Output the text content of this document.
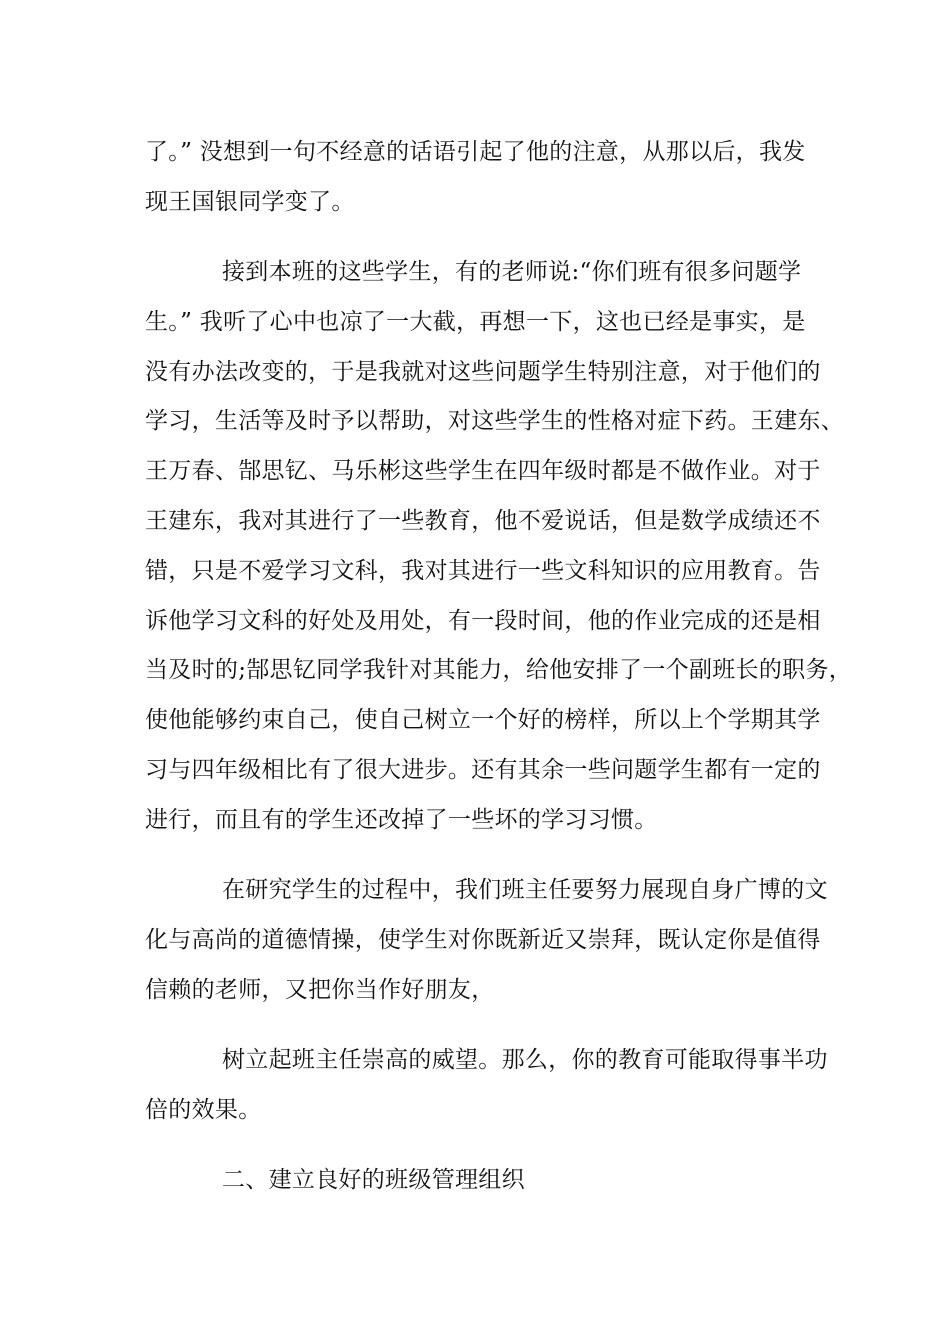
了。” 没想到一句不经意的话语引起了他的注意，从那以后，我发
现王国银同学变了。
接到本班的这些学生，有的老师说:“你们班有很多问题学
生。” 我听了心中也凉了一大截，再想一下，这也已经是事实，是
没有办法改变的，于是我就对这些问题学生特别注意，对于他们的
学习，生活等及时予以帮助，对这些学生的性格对症下药。王建东、
王万春、郜思钇、马乐彬这些学生在四年级时都是不做作业。对于
王建东，我对其进行了一些教育，他不爱说话，但是数学成绩还不
错，只是不爱学习文科，我对其进行一些文科知识的应用教育。告
诉他学习文科的好处及用处，有一段时间，他的作业完成的还是相
当及时的;郜思钇同学我针对其能力，给他安排了一个副班长的职务，
使他能够约束自己，使自己树立一个好的榜样，所以上个学期其学
习与四年级相比有了很大进步。还有其余一些问题学生都有一定的
进行，而且有的学生还改掉了一些坏的学习习惯。
在研究学生的过程中，我们班主任要努力展现自身广博的文
化与高尚的道德情操，使学生对你既新近又崇拜，既认定你是值得
信赖的老师，又把你当作好朋友，
树立起班主任崇高的威望。那么，你的教育可能取得事半功
倍的效果。
二、建立良好的班级管理组织
